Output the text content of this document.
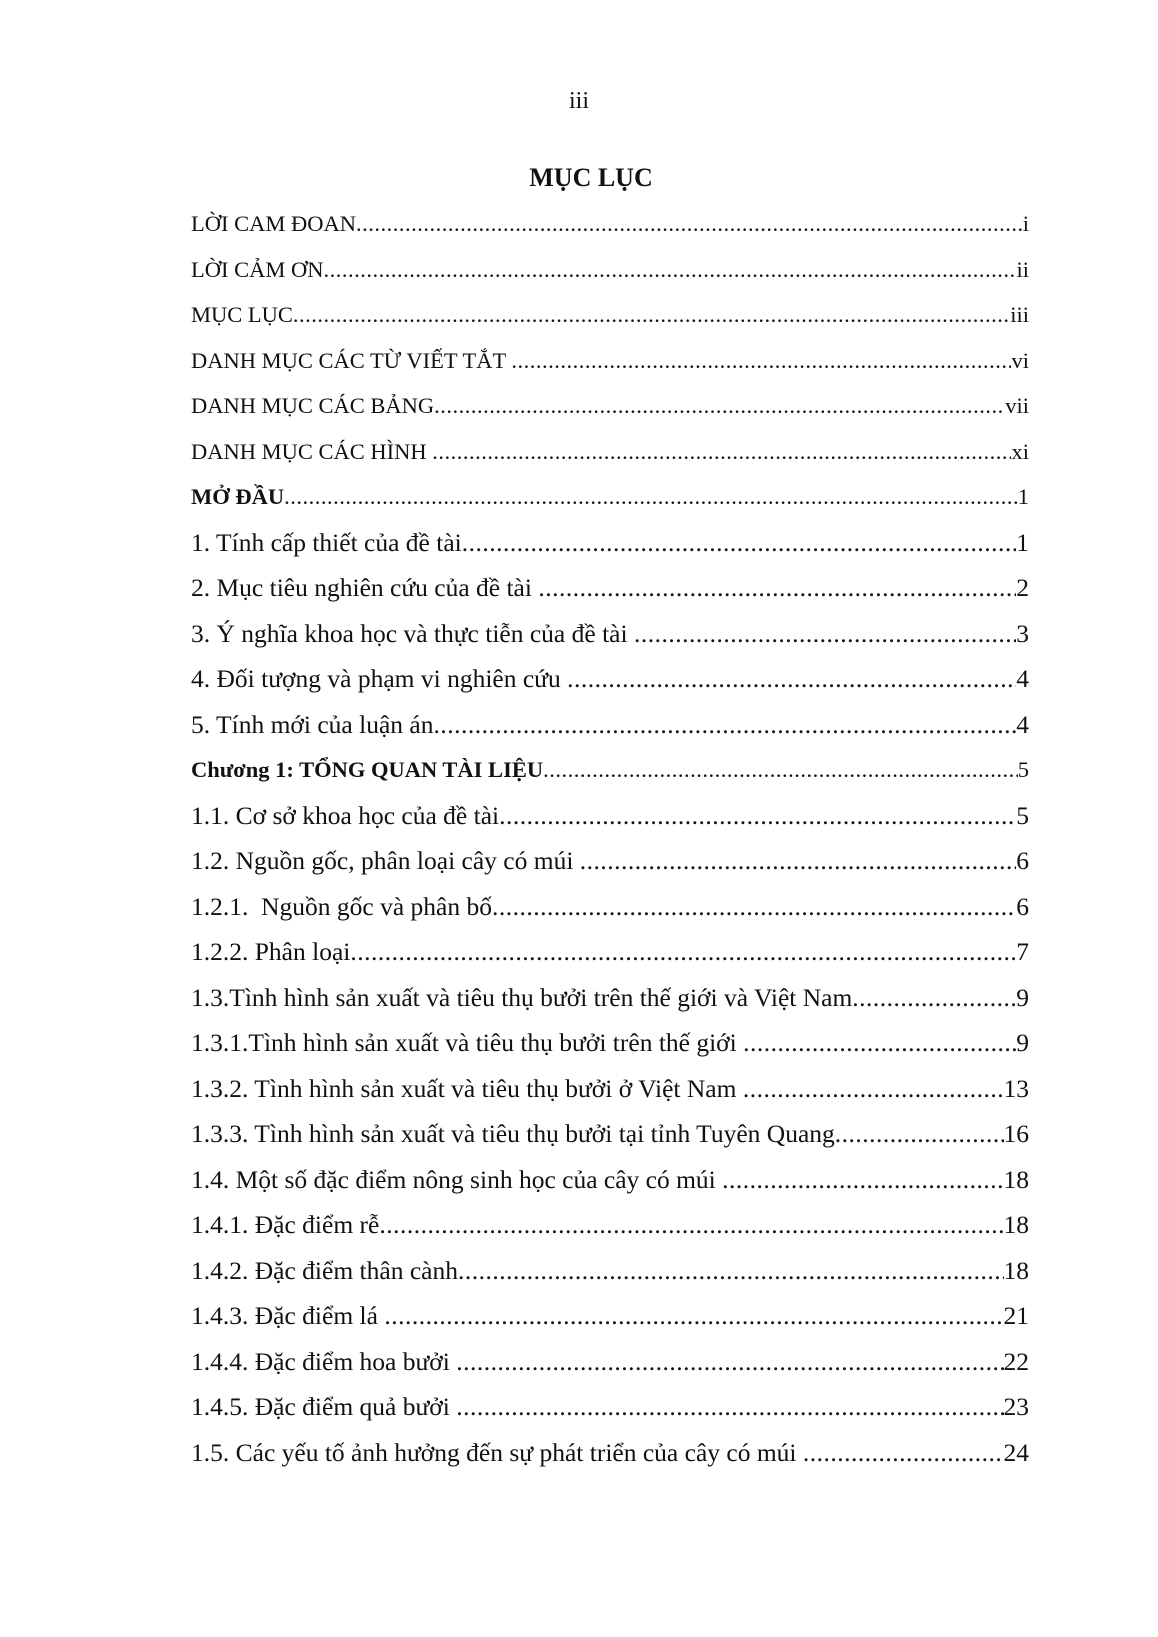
iii
MỤC LỤC
LỜI CAM ĐOAN .....	i
LỜI CẢM ƠN .....	ii
MỤC LỤC .....	iii
DANH MỤC CÁC TỪ VIẾT TẮT .....	vi
DANH MỤC CÁC BẢNG .....	vii
DANH MỤC CÁC HÌNH .....	xi
MỞ ĐẦU .....	1
1. Tính cấp thiết của đề tài .....	1
2. Mục tiêu nghiên cứu của đề tài .....	2
3. Ý nghĩa khoa học và thực tiễn của đề tài .....	3
4. Đối tượng và phạm vi nghiên cứu .....	4
5. Tính mới của luận án .....	4
Chương 1: TỔNG QUAN TÀI LIỆU .....	5
1.1. Cơ sở khoa học của đề tài .....	5
1.2. Nguồn gốc, phân loại cây có múi .....	6
1.2.1.  Nguồn gốc và phân bố .....	6
1.2.2. Phân loại .....	7
1.3.Tình hình sản xuất và tiêu thụ bưởi trên thế giới và Việt Nam .....	9
1.3.1.Tình hình sản xuất và tiêu thụ bưởi trên thế giới .....	9
1.3.2. Tình hình sản xuất và tiêu thụ bưởi ở Việt Nam .....	13
1.3.3. Tình hình sản xuất và tiêu thụ bưởi tại tỉnh Tuyên Quang .....	16
1.4. Một số đặc điểm nông sinh học của cây có múi .....	18
1.4.1. Đặc điểm rễ .....	18
1.4.2. Đặc điểm thân cành .....	18
1.4.3. Đặc điểm lá .....	21
1.4.4. Đặc điểm hoa bưởi .....	22
1.4.5. Đặc điểm quả bưởi .....	23
1.5. Các yếu tố ảnh hưởng đến sự phát triển của cây có múi .....	24
